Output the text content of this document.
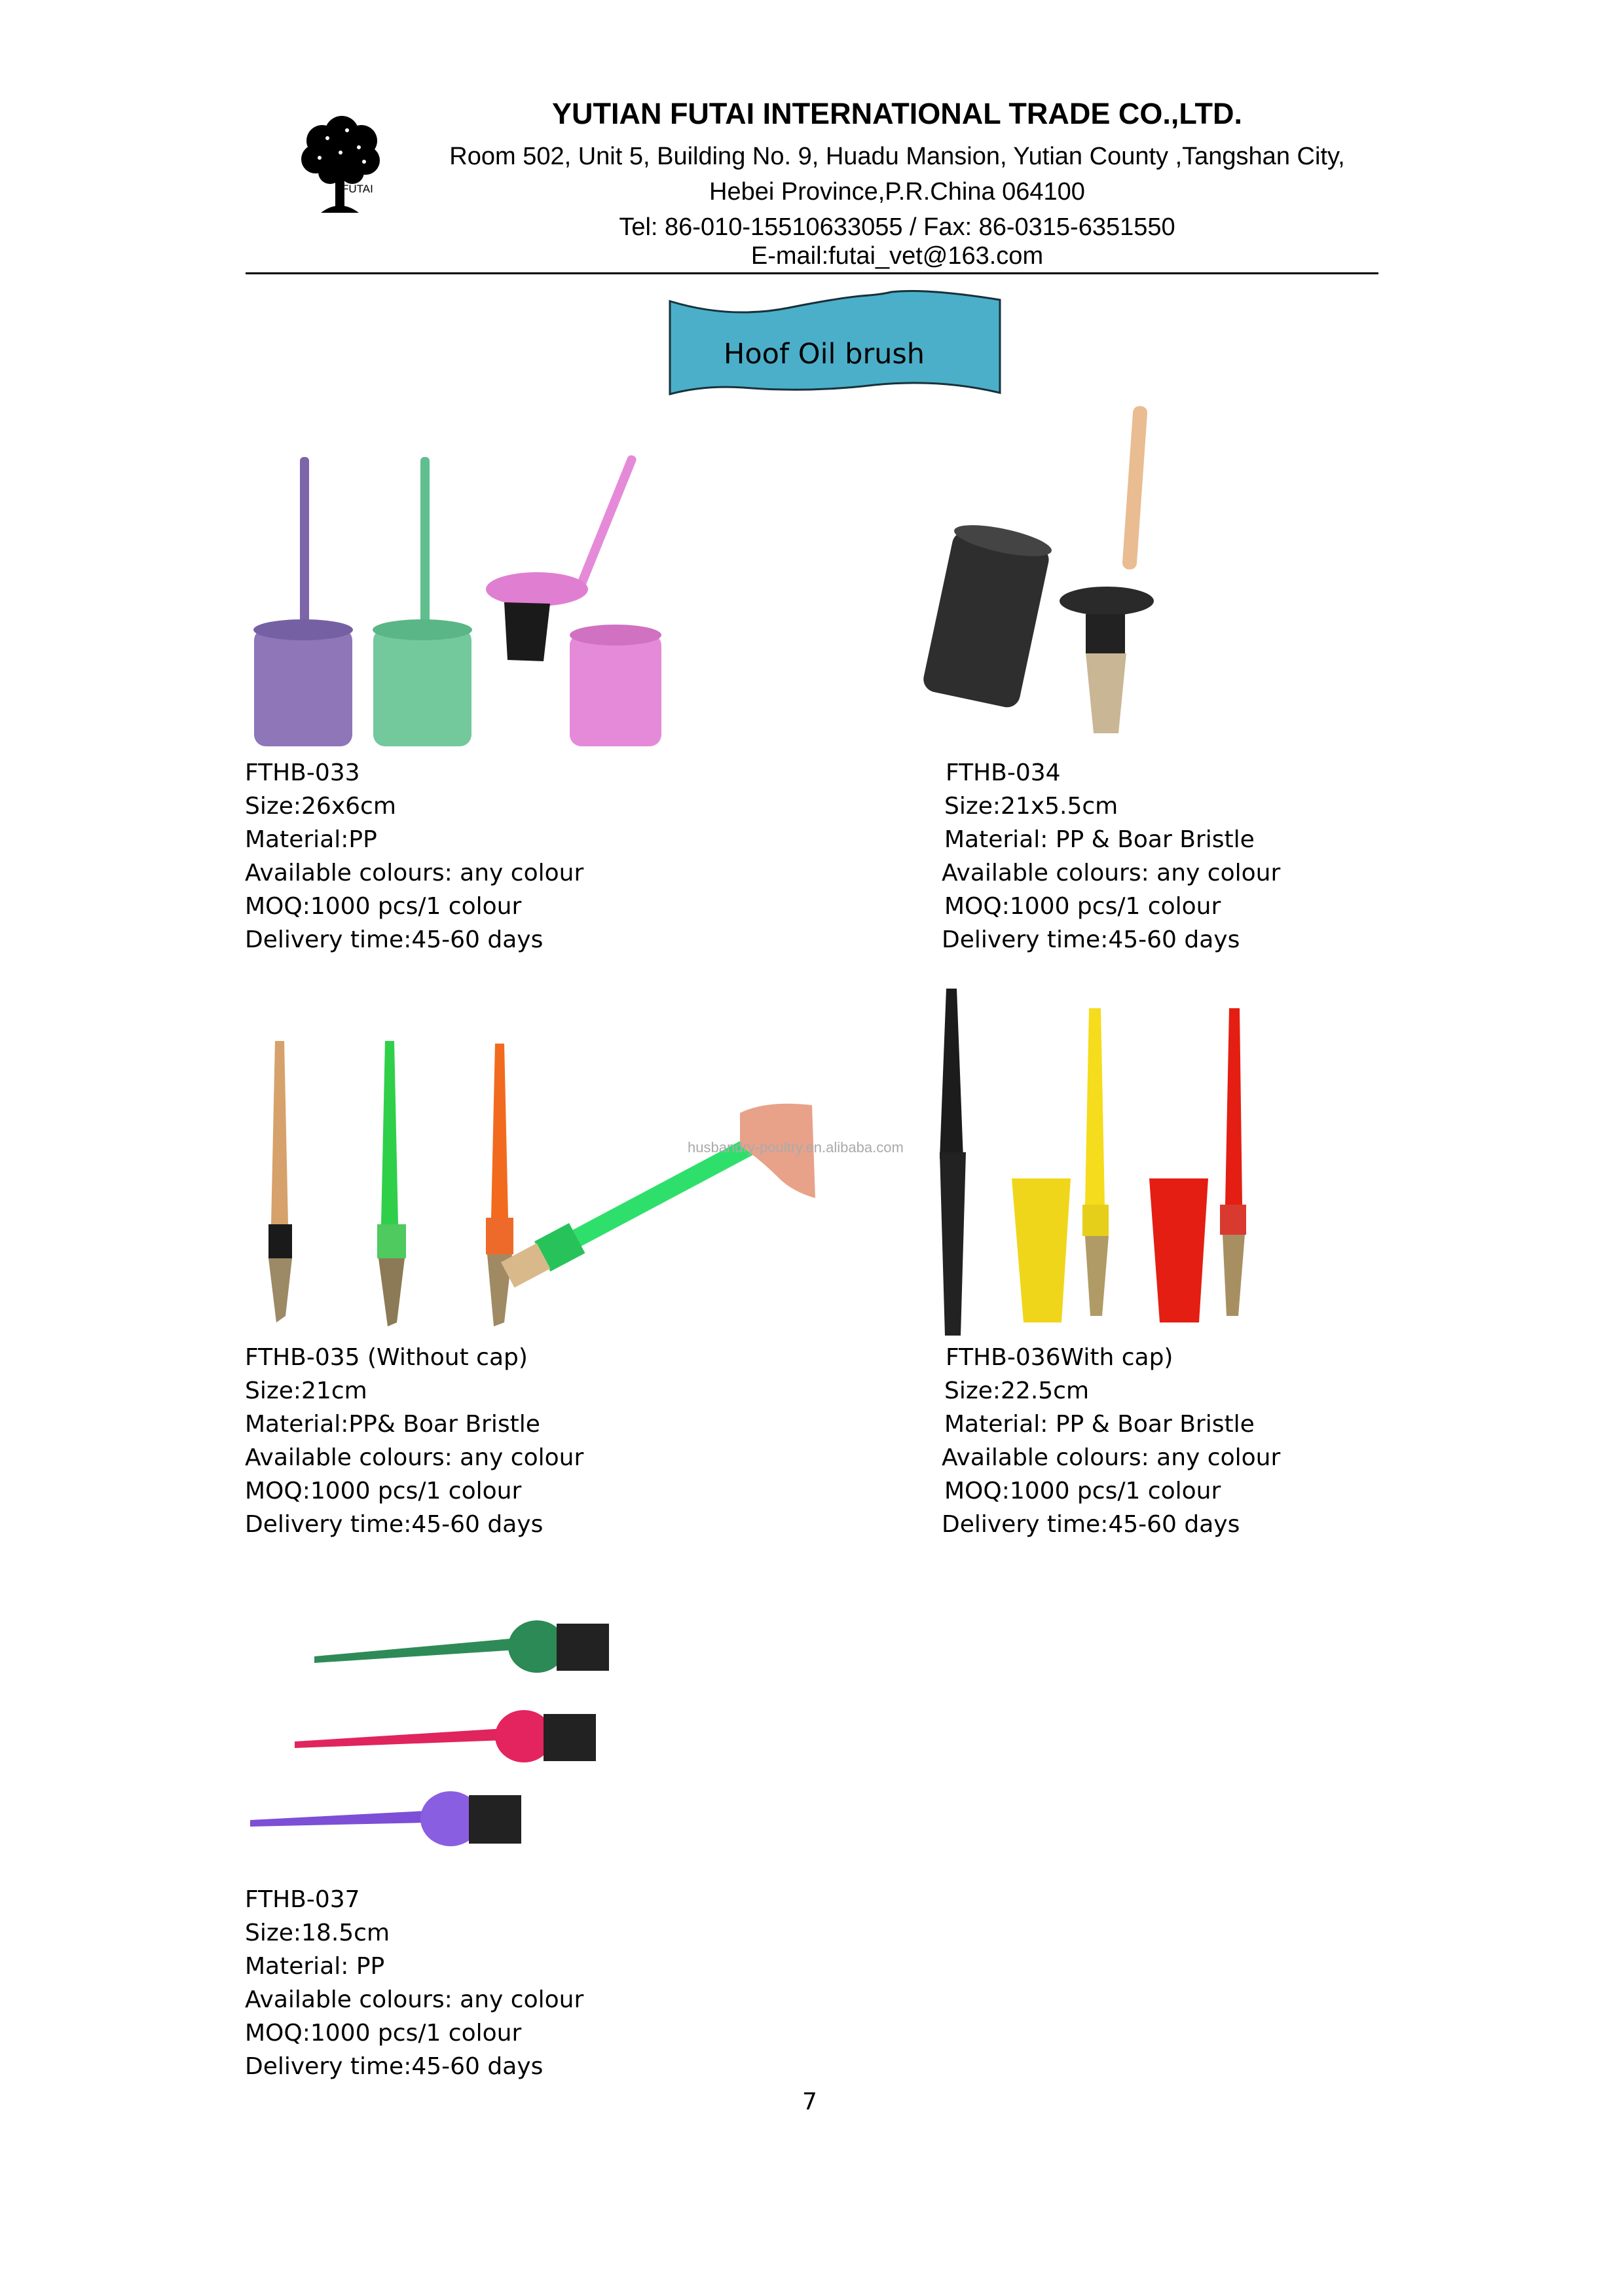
FUTAI
YUTIAN FUTAI INTERNATIONAL TRADE CO.,LTD.
Room 502, Unit 5, Building No. 9, Huadu Mansion, Yutian County ,Tangshan City,
Hebei Province,P.R.China 064100
Tel: 86-010-15510633055 / Fax: 86-0315-6351550
E-mail:futai_vet@163.com
Hoof Oil brush
husbandry-poultry.en.alibaba.com
FTHB-033
Size:26x6cm
Material:PP
Available colours: any colour
MOQ:1000 pcs/1 colour
Delivery time:45-60 days
FTHB-034
Size:21x5.5cm
Material: PP & Boar Bristle
Available colours: any colour
MOQ:1000 pcs/1 colour
Delivery time:45-60 days
FTHB-035 (Without cap)
Size:21cm
Material:PP& Boar Bristle
Available colours: any colour
MOQ:1000 pcs/1 colour
Delivery time:45-60 days
FTHB-036With cap)
Size:22.5cm
Material: PP & Boar Bristle
Available colours: any colour
MOQ:1000 pcs/1 colour
Delivery time:45-60 days
FTHB-037
Size:18.5cm
Material: PP
Available colours: any colour
MOQ:1000 pcs/1 colour
Delivery time:45-60 days
7
